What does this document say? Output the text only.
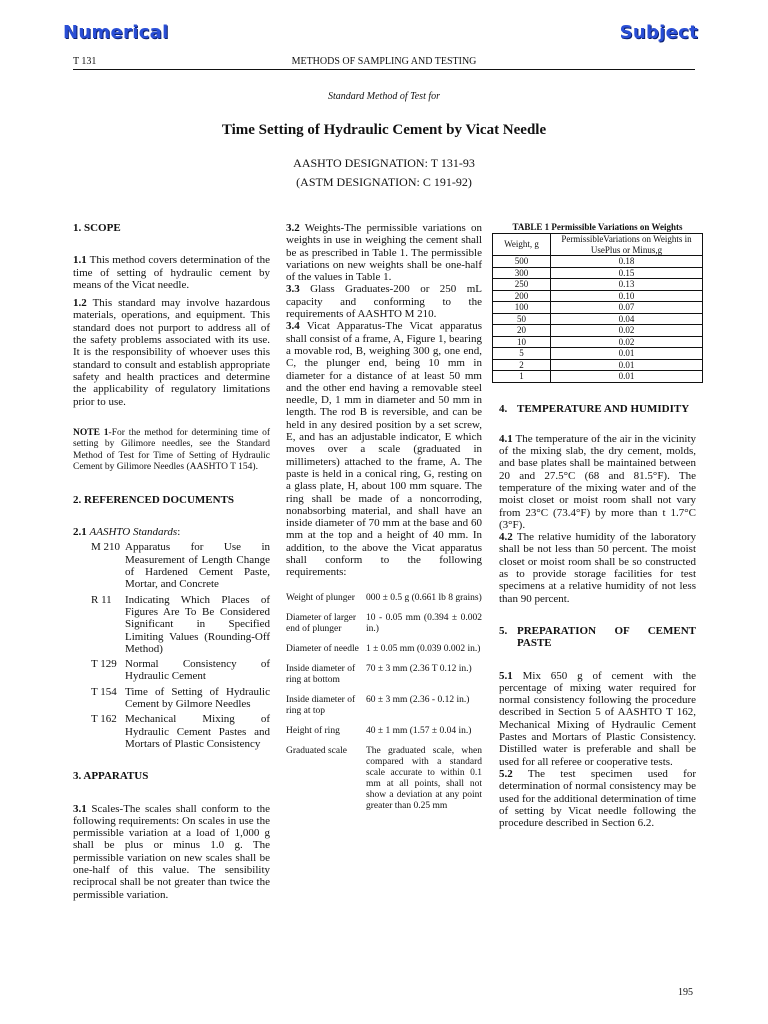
Numerical	Subject
T 131	METHODS OF SAMPLING AND TESTING
Standard Method of Test for
Time Setting of Hydraulic Cement by Vicat Needle
AASHTO DESIGNATION: T 131-93
(ASTM DESIGNATION: C 191-92)

1. SCOPE

1.1 This method covers determination of the time of setting of hydraulic cement by means of the Vicat needle.

1.2 This standard may involve hazardous materials, operations, and equipment. This standard does not purport to address all of the safety problems associated with its use. It is the responsibility of whoever uses this standard to consult and establish appropriate safety and health practices and determine the applicability of regulatory limitations prior to use.

NOTE 1-For the method for determining time of setting by Gilimore needles, see the Standard Method of Test for Time of Setting of Hydraulic Cement by Gilimore Needles (AASHTO T 154).

2. REFERENCED DOCUMENTS

2.1 AASHTO Standards:

M 210 Apparatus for Use in Measurement of Length Change of Hardened Cement Paste, Mortar, and Concrete
R 11	Indicating Which Places of Figures Are To Be Considered Significant in Specified Limiting Values (Rounding-Off Method)
T 129 Normal Consistency of Hydraulic Cement
T 154 Time of Setting of Hydraulic Cement by Gilmore Needles
T 162 Mechanical Mixing of Hydraulic Cement Pastes and Mortars of Plastic Consistency

3. APPARATUS

3.1 Scales-The scales shall conform to the following requirements: On scales in use the permissible variation at a load of 1,000 g shall be plus or minus 1.0 g. The permissible variation on new scales shall be one-half of this value. The sensibility reciprocal shall be not greater than twice the permissible variation.

3.2 Weights-The permissible variations on weights in use in weighing the cement shall be as prescribed in Table 1. The permissible variations on new weights shall be one-half of the values in Table 1.

3.3 Glass Graduates-200 or 250 mL capacity and conforming to the requirements of AASHTO M 210.

3.4 Vicat Apparatus-The Vicat apparatus shall consist of a frame, A, Figure 1, bearing a movable rod, B, weighing 300 g, one end, C, the plunger end, being 10 mm in diameter for a distance of at least 50 mm and the other end having a removable steel needle, D, 1 mm in diameter and 50 mm in length. The rod B is reversible, and can be held in any desired position by a set screw, E, and has an adjustable indicator, E which moves over a scale (graduated in millimeters) attached to the frame, A. The paste is held in a conical ring, G, resting on a glass plate, H, about 100 mm square. The ring shall be made of a noncorroding, nonabsorbing material, and shall have an inside diameter of 70 mm at the base and 60 mm at the top and a height of 40 mm. In addition, to the above the Vicat apparatus shall conform to the following requirements:

Weight of plunger	000 ± 0.5 g (0.661 lb 8 grains)
Diameter of larger end of plunger	10 - 0.05 mm (0.394 ± 0.002 in.)
Diameter of needle	1 ± 0.05 mm (0.039 0.002 in.)
Inside diameter of ring at bottom	70 ± 3 mm (2.36 T 0.12 in.)
Inside diameter of ring at top	60 ± 3 mm (2.36 - 0.12 in.)
Height of ring	40 ± 1 mm (1.57 ± 0.04 in.)
Graduated scale	The graduated scale, when compared with a standard scale accurate to within 0.1 mm at all points, shall not show a deviation at any point greater than 0.25 mm

TABLE 1 Permissible Variations on Weights

Weight, g	PermissibleVariations on Weights in UsePlus or Minus,g
500	0.18
300	0.15
250	0.13
200	0.10
100	0.07
50	0.04
20	0.02
10	0.02
5	0.01
2	0.01
1	0.01
4. TEMPERATURE AND HUMIDITY

4.1 The temperature of the air in the vicinity of the mixing slab, the dry cement, molds, and base plates shall be maintained between 20 and 27.5°C (68 and 81.5°F). The temperature of the mixing water and of the moist closet or moist room shall not vary from 23°C (73.4°F) by more than t 1.7°C (3°F).

4.2 The relative humidity of the laboratory shall be not less than 50 percent. The moist closet or moist room shall be so constructed as to provide storage facilities for test specimens at a relative humidity of not less than 90 percent.

5. PREPARATION OF CEMENT PASTE

5.1 Mix 650 g of cement with the percentage of mixing water required for normal consistency following the procedure described in Section 5 of AASHTO T 162, Mechanical Mixing of Hydraulic Cement Pastes and Mortars of Plastic Consistency. Distilled water is preferable and shall be used for all referee or cooperative tests.

5.2 The test specimen used for determination of normal consistency may be used for the additional determination of time of setting by Vicat needle following the procedure described in Section 6.2.

195
